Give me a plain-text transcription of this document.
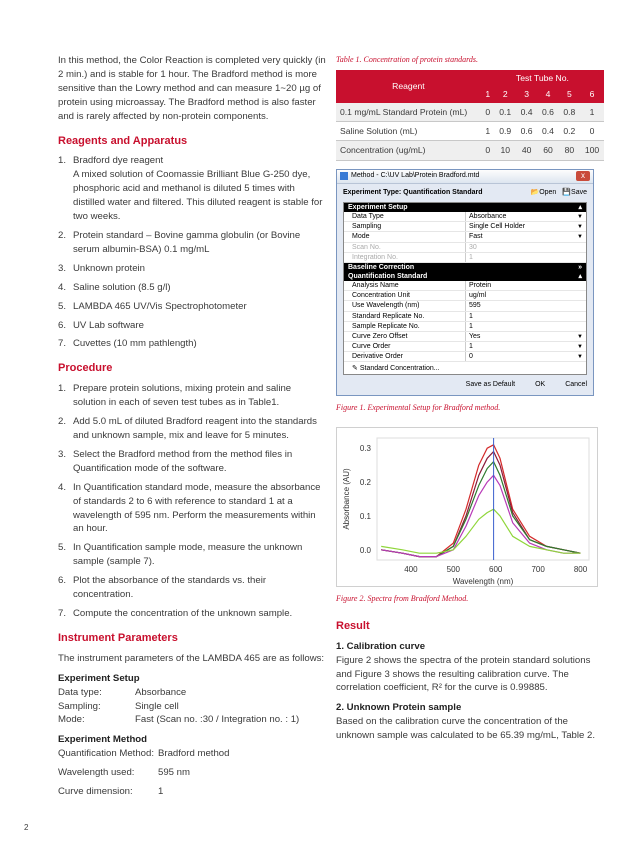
In this method, the Color Reaction is completed very quickly (in 2 min.) and is stable for 1 hour. The Bradford method is more sensitive than the Lowry method and can measure 1~20 µg of protein using microassay. The Bradford method is also faster and is rarely affected by non-protein components.

Reagents and Apparatus
1. Bradford dye reagent
A mixed solution of Coomassie Brilliant Blue G-250 dye, phosphoric acid and methanol is diluted 5 times with distilled water and filtered. This diluted reagent is stable for two weeks.
2. Protein standard – Bovine gamma globulin (or Bovine serum albumin-BSA) 0.1 mg/mL
3. Unknown protein
4. Saline solution (8.5 g/l)
5. LAMBDA 465 UV/Vis Spectrophotometer
6. UV Lab software
7. Cuvettes (10 mm pathlength)
Procedure
1. Prepare protein solutions, mixing protein and saline solution in each of seven test tubes as in Table1.
2. Add 5.0 mL of diluted Bradford reagent into the standards and unknown sample, mix and leave for 5 minutes.
3. Select the Bradford method from the method files in Quantification mode of the software.
4. In Quantification standard mode, measure the absorbance of standards 2 to 6 with reference to standard 1 at a wavelength of 595 nm. Perform the measurements within an hour.
5. In Quantification sample mode, measure the unknown sample (sample 7).
6. Plot the absorbance of the standards vs. their concentration.
7. Compute the concentration of the unknown sample.
Instrument Parameters

The instrument parameters of the LAMBDA 465 are as follows:

Experiment Setup
Data type:	Absorbance
Sampling:	Single cell
Mode:	Fast (Scan no. :30 / Integration no. : 1)
Experiment Method
Quantification Method: Bradford method
Wavelength used:	595 nm
Curve dimension:	1
Table 1. Concentration of protein standards.
Reagent	Test Tube No.					
	1	2	3	4	5	6
0.1 mg/mL Standard Protein (mL)	0	0.1	0.4	0.6	0.8	1
Saline Solution (mL)	1	0.9	0.6	0.4	0.2	0
Concentration (ug/mL)	0	10	40	60	80	100
Method - C:\UV Lab\Protein Bradford.mtd	x
Experiment Type: Quantification Standard	📂Open 💾Save
Experiment Setup	▴
Data Type	Absorbance	▼
Sampling	Single Cell Holder	▼
Mode	Fast	▼
Scan No.	30
Integration No.	1
Baseline Correction	»
Quantification Standard	▴
Analysis Name	Protein
Concentration Unit	ug/ml
Use Wavelength (nm)	595
Standard Replicate No.	1
Sample Replicate No.	1
Curve Zero Offset	Yes	▼
Curve Order	1	▼
Derivative Order	0	▼
✎ Standard Concentration...
Save as Default	OK	Cancel
Figure 1. Experimental Setup for Bradford method.
0.0
0.1
0.2
0.3
400	500	600	700	800
Wavelength (nm)
Absorbance (AU)
Figure 2. Spectra from Bradford Method.
Result
1. Calibration curve

Figure 2 shows the spectra of the protein standard solutions and Figure 3 shows the resulting calibration curve. The correlation coefficient, R² for the curve is 0.99885.

2. Unknown Protein sample

Based on the calibration curve the concentration of the unknown sample was calculated to be 65.39 mg/mL, Table 2.

2
